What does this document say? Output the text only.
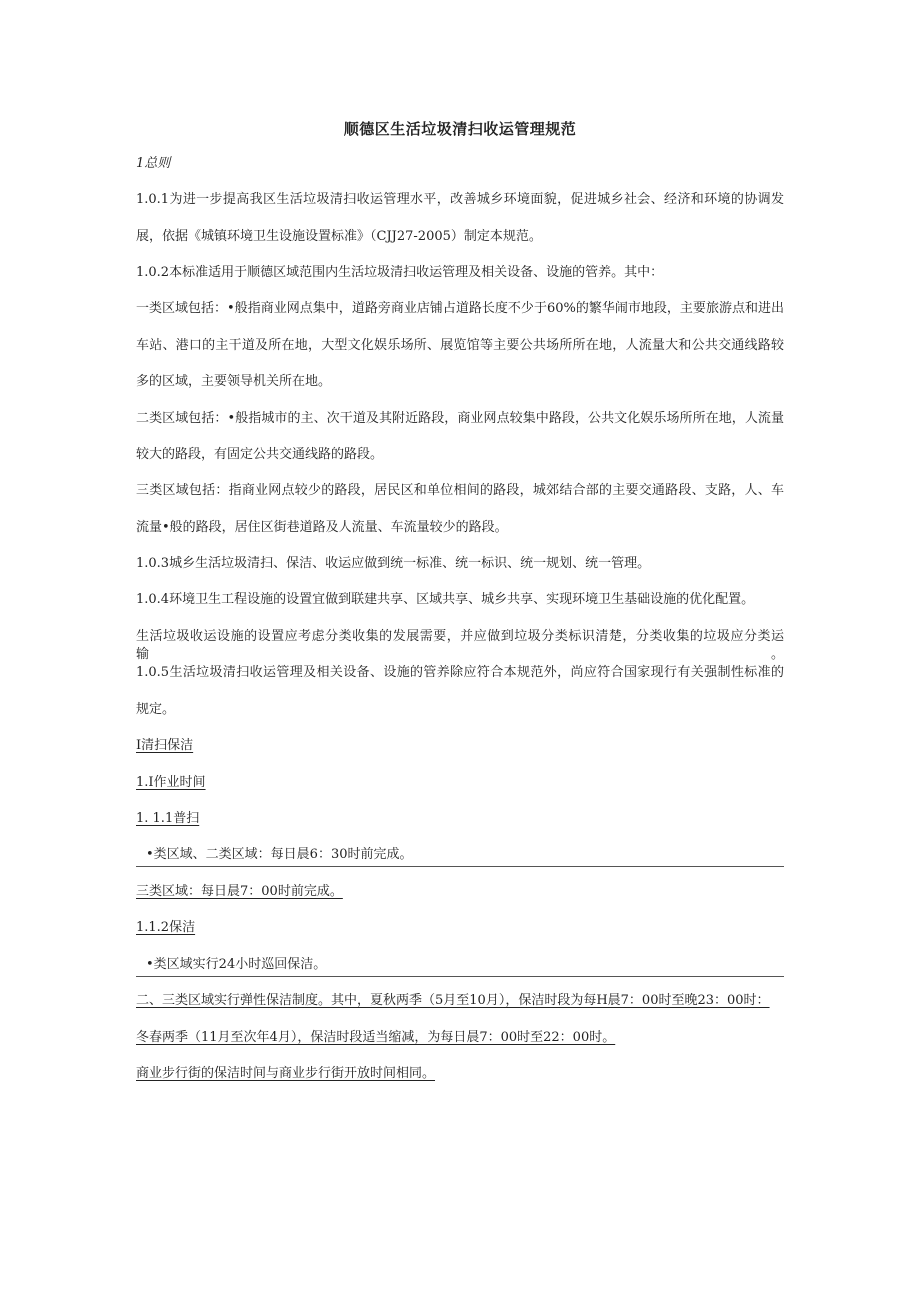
顺德区生活垃圾清扫收运管理规范
1总则
1.0.1为进一步提高我区生活垃圾清扫收运管理水平，改善城乡环境面貌，促进城乡社会、经济和环境的协调发
展，依据《城镇环境卫生设施设置标准》（CJJ27-2005）制定本规范。
1.0.2本标准适用于顺德区域范围内生活垃圾清扫收运管理及相关设备、设施的管养。其中：
一类区域包括：•般指商业网点集中，道路旁商业店铺占道路长度不少于60%的繁华闹市地段，主要旅游点和进出
车站、港口的主干道及所在地，大型文化娱乐场所、展览馆等主要公共场所所在地，人流量大和公共交通线路较
多的区域，主要领导机关所在地。
二类区域包括：•般指城市的主、次干道及其附近路段，商业网点较集中路段，公共文化娱乐场所所在地，人流量
较大的路段，有固定公共交通线路的路段。
三类区域包括：指商业网点较少的路段，居民区和单位相间的路段，城郊结合部的主要交通路段、支路，人、车
流量•般的路段，居住区街巷道路及人流量、车流量较少的路段。
1.0.3城乡生活垃圾清扫、保洁、收运应做到统一标准、统一标识、统一规划、统一管理。
1.0.4环境卫生工程设施的设置宜做到联建共享、区域共享、城乡共享、实现环境卫生基础设施的优化配置。
生活垃圾收运设施的设置应考虑分类收集的发展需要，并应做到垃圾分类标识清楚，分类收集的垃圾应分类运输。
1.0.5生活垃圾清扫收运管理及相关设备、设施的管养除应符合本规范外，尚应符合国家现行有关强制性标准的
规定。
I清扫保洁
1.I作业时间
1. 1.1普扫
•类区域、二类区域：每日晨6：30时前完成。
三类区域：每日晨7：00时前完成。
1.1.2保洁
•类区域实行24小时巡回保洁。
二、三类区域实行弹性保洁制度。其中，夏秋两季（5月至10月），保洁时段为每H晨7：00时至晚23：00时：
冬春两季（11月至次年4月），保洁时段适当缩减，为每日晨7：00时至22：00时。
商业步行街的保洁时间与商业步行街开放时间相同。
